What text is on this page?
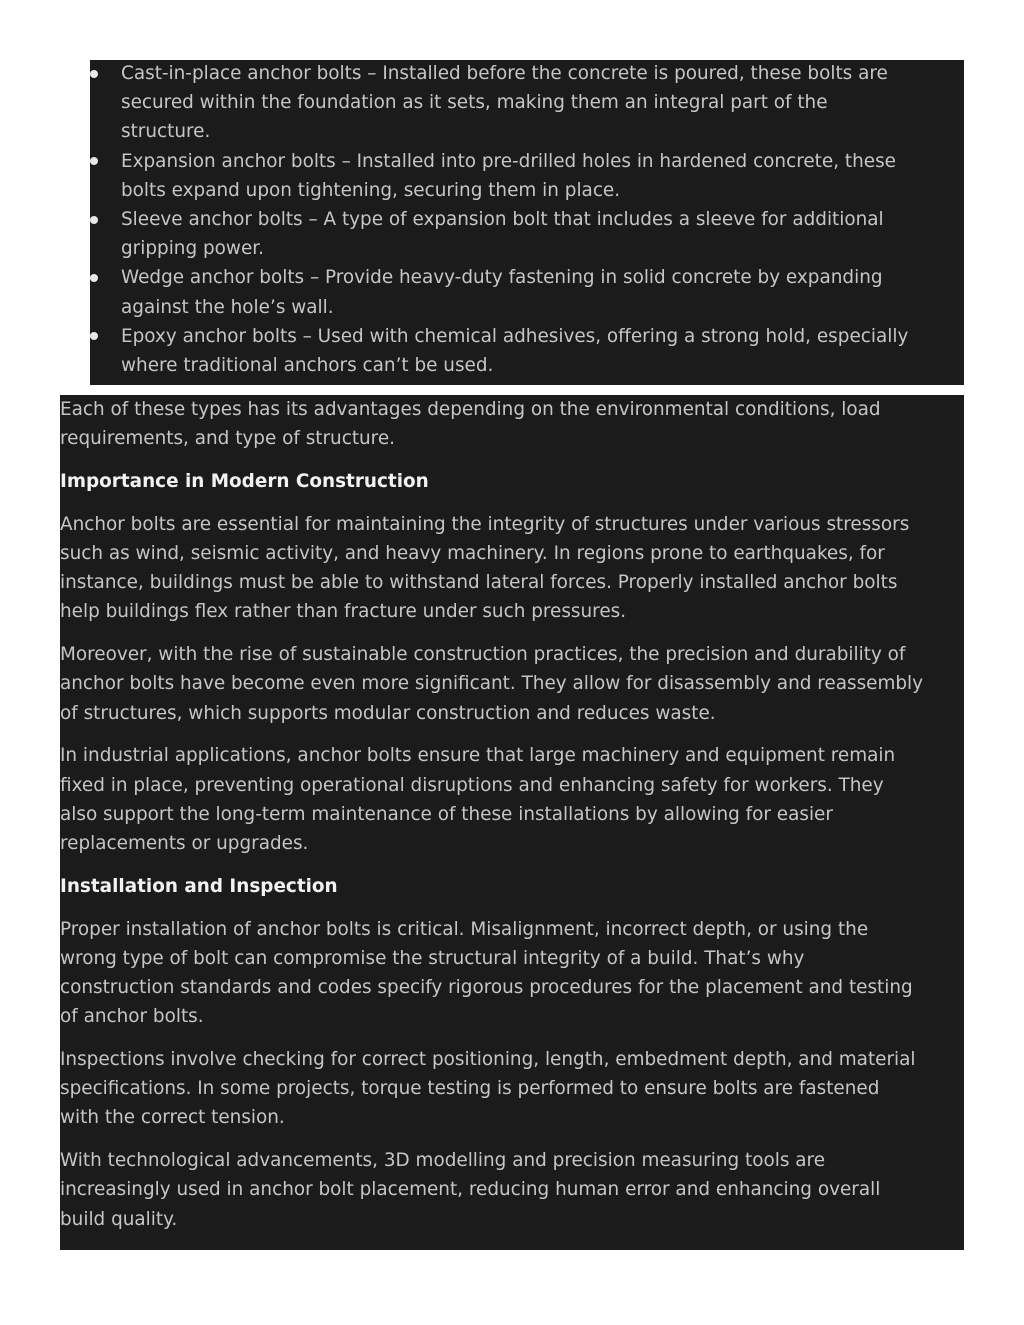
Cast-in-place anchor bolts – Installed before the concrete is poured, these bolts are
secured within the foundation as it sets, making them an integral part of the
structure.
Expansion anchor bolts – Installed into pre-drilled holes in hardened concrete, these
bolts expand upon tightening, securing them in place.
Sleeve anchor bolts – A type of expansion bolt that includes a sleeve for additional
gripping power.
Wedge anchor bolts – Provide heavy-duty fastening in solid concrete by expanding
against the hole’s wall.
Epoxy anchor bolts – Used with chemical adhesives, offering a strong hold, especially
where traditional anchors can’t be used.

Each of these types has its advantages depending on the environmental conditions, load
requirements, and type of structure.

Importance in Modern Construction

Anchor bolts are essential for maintaining the integrity of structures under various stressors
such as wind, seismic activity, and heavy machinery. In regions prone to earthquakes, for
instance, buildings must be able to withstand lateral forces. Properly installed anchor bolts
help buildings flex rather than fracture under such pressures.

Moreover, with the rise of sustainable construction practices, the precision and durability of
anchor bolts have become even more significant. They allow for disassembly and reassembly
of structures, which supports modular construction and reduces waste.

In industrial applications, anchor bolts ensure that large machinery and equipment remain
fixed in place, preventing operational disruptions and enhancing safety for workers. They
also support the long-term maintenance of these installations by allowing for easier
replacements or upgrades.

Installation and Inspection

Proper installation of anchor bolts is critical. Misalignment, incorrect depth, or using the
wrong type of bolt can compromise the structural integrity of a build. That’s why
construction standards and codes specify rigorous procedures for the placement and testing
of anchor bolts.

Inspections involve checking for correct positioning, length, embedment depth, and material
specifications. In some projects, torque testing is performed to ensure bolts are fastened
with the correct tension.

With technological advancements, 3D modelling and precision measuring tools are
increasingly used in anchor bolt placement, reducing human error and enhancing overall
build quality.
